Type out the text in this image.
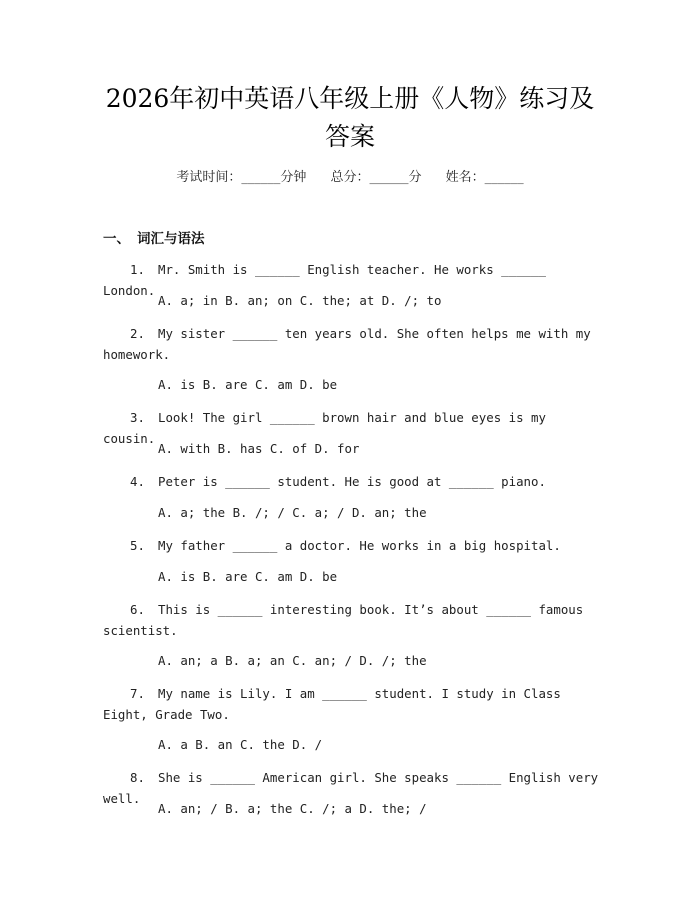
2026年初中英语八年级上册《人物》练习及
答案
考试时间：______分钟 总分：______分 姓名：______
一、 词汇与语法
1. Mr. Smith is ______ English teacher. He works ______ London.
A. a; in B. an; on C. the; at D. /; to
2. My sister ______ ten years old. She often helps me with my homework.
A. is B. are C. am D. be
3. Look! The girl ______ brown hair and blue eyes is my cousin.
A. with B. has C. of D. for
4. Peter is ______ student. He is good at ______ piano.
A. a; the B. /; / C. a; / D. an; the
5. My father ______ a doctor. He works in a big hospital.
A. is B. are C. am D. be
6. This is ______ interesting book. It’s about ______ famous scientist.
A. an; a B. a; an C. an; / D. /; the
7. My name is Lily. I am ______ student. I study in Class Eight, Grade Two.
A. a B. an C. the D. /
8. She is ______ American girl. She speaks ______ English very well.
A. an; / B. a; the C. /; a D. the; /
